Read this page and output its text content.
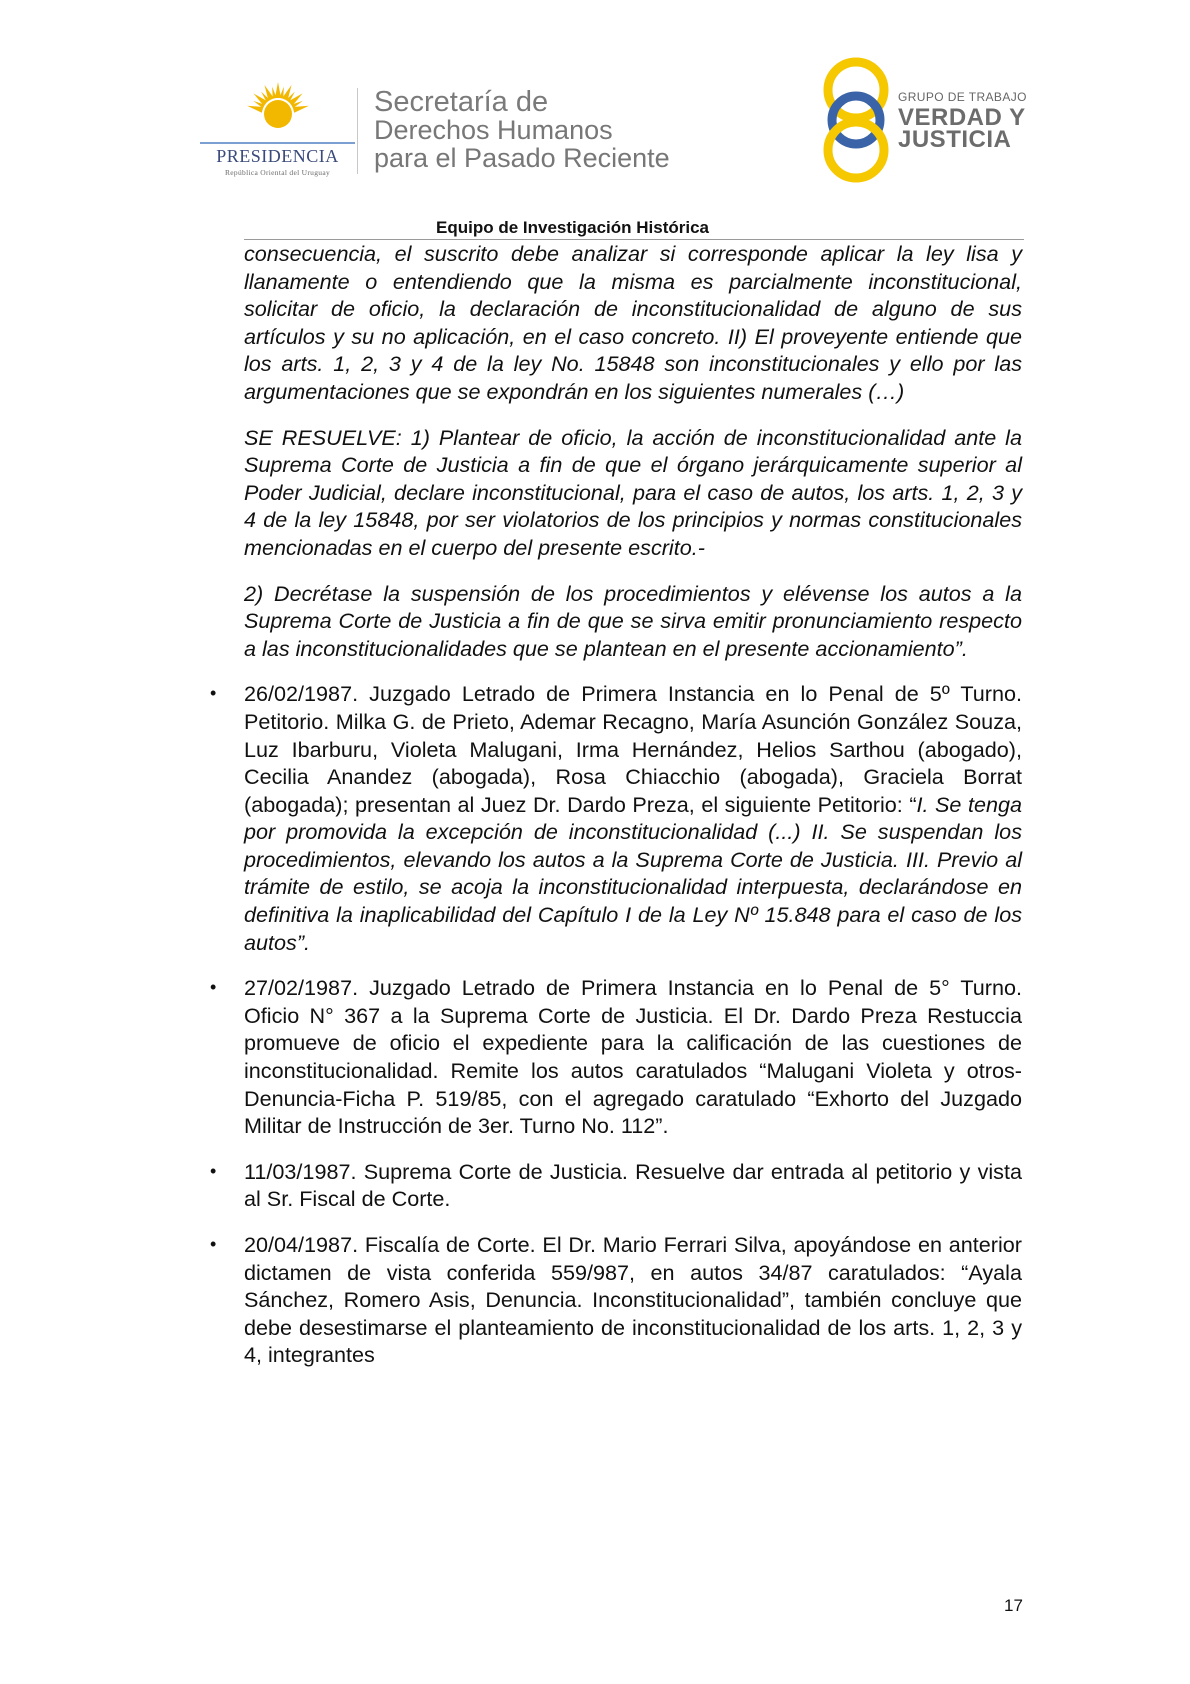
PRESIDENCIA
República Oriental del Uruguay
Secretaría de
Derechos Humanos
para el Pasado Reciente
GRUPO DE TRABAJO
VERDAD Y
JUSTICIA
Equipo de Investigación Histórica

consecuencia, el suscrito debe analizar si corresponde aplicar la ley lisa y llanamente o entendiendo que la misma es parcialmente inconstitucional, solicitar de oficio, la declaración de inconstitucionalidad de alguno de sus artículos y su no aplicación, en el caso concreto. II) El proveyente entiende que los arts. 1, 2, 3 y 4 de la ley No. 15848 son inconstitucionales y ello por las argumentaciones que se expondrán en los siguientes numerales (…)

SE RESUELVE: 1) Plantear de oficio, la acción de inconstitucionalidad ante la Suprema Corte de Justicia a fin de que el órgano jerárquicamente superior al Poder Judicial, declare inconstitucional, para el caso de autos, los arts. 1, 2, 3 y 4 de la ley 15848, por ser violatorios de los principios y normas constitucionales mencionadas en el cuerpo del presente escrito.-

2) Decrétase la suspensión de los procedimientos y elévense los autos a la Suprema Corte de Justicia a fin de que se sirva emitir pronunciamiento respecto a las inconstitucionalidades que se plantean en el presente accionamiento”.

• 26/02/1987. Juzgado Letrado de Primera Instancia en lo Penal de 5º Turno. Petitorio. Milka G. de Prieto, Ademar Recagno, María Asunción González Souza, Luz Ibarburu, Violeta Malugani, Irma Hernández, Helios Sarthou (abogado), Cecilia Anandez (abogada), Rosa Chiacchio (abogada), Graciela Borrat (abogada); presentan al Juez Dr. Dardo Preza, el siguiente Petitorio: “I. Se tenga por promovida la excepción de inconstitucionalidad (...) II. Se suspendan los procedimientos, elevando los autos a la Suprema Corte de Justicia. III. Previo al trámite de estilo, se acoja la inconstitucionalidad interpuesta, declarándose en definitiva la inaplicabilidad del Capítulo I de la Ley Nº 15.848 para el caso de los autos”.
• 27/02/1987. Juzgado Letrado de Primera Instancia en lo Penal de 5° Turno. Oficio N° 367 a la Suprema Corte de Justicia. El Dr. Dardo Preza Restuccia promueve de oficio el expediente para la calificación de las cuestiones de inconstitucionalidad. Remite los autos caratulados “Malugani Violeta y otros-Denuncia-Ficha P. 519/85, con el agregado caratulado “Exhorto del Juzgado Militar de Instrucción de 3er. Turno No. 112”.
• 11/03/1987. Suprema Corte de Justicia. Resuelve dar entrada al petitorio y vista al Sr. Fiscal de Corte.
• 20/04/1987. Fiscalía de Corte. El Dr. Mario Ferrari Silva, apoyándose en anterior dictamen de vista conferida 559/987, en autos 34/87 caratulados: “Ayala Sánchez, Romero Asis, Denuncia. Inconstitucionalidad”, también concluye que debe desestimarse el planteamiento de inconstitucionalidad de los arts. 1, 2, 3 y 4, integrantes
17
